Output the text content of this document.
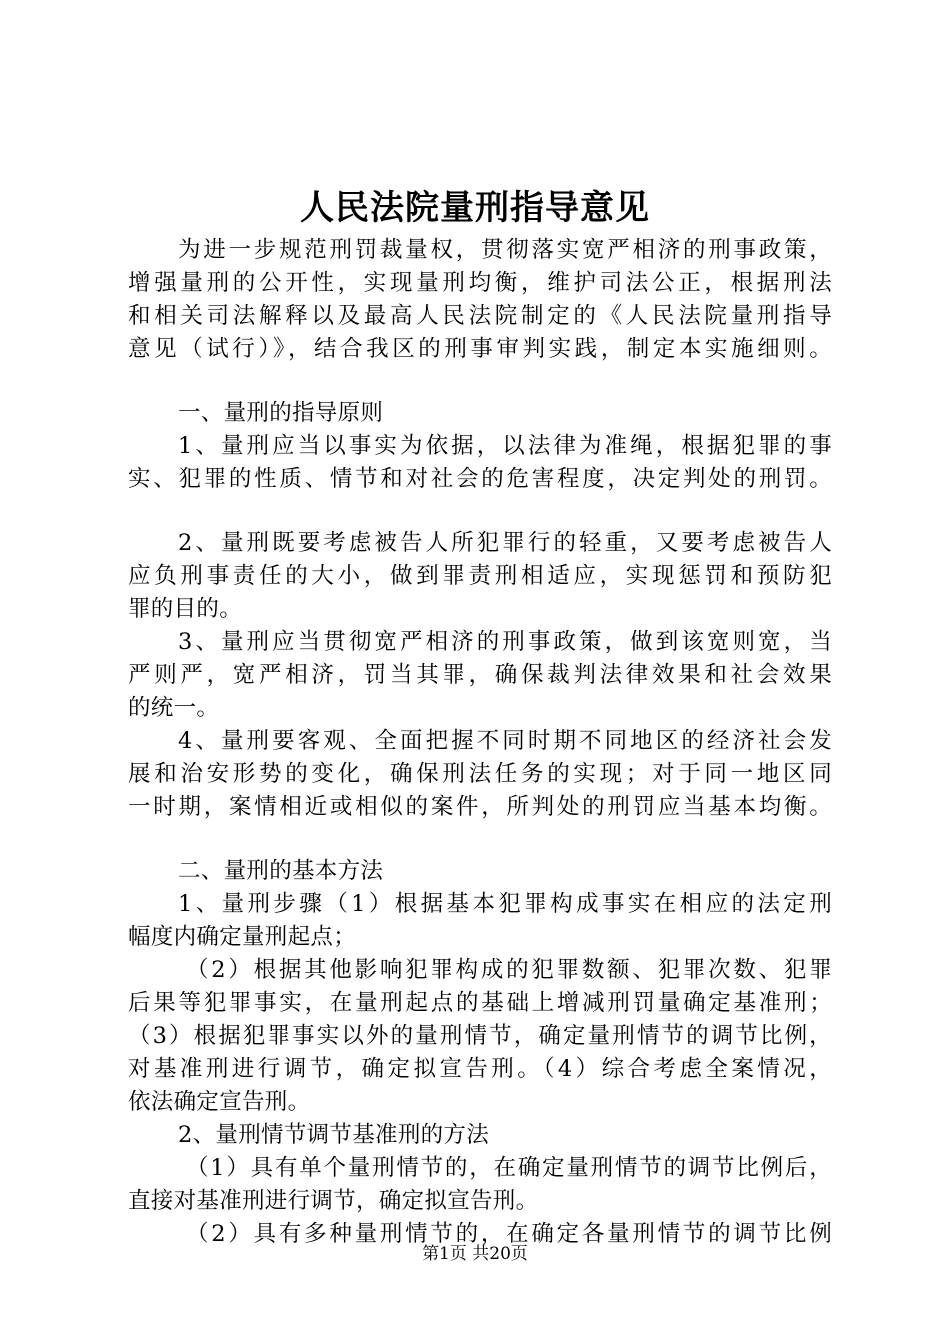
人民法院量刑指导意见
为进一步规范刑罚裁量权，贯彻落实宽严相济的刑事政策，
增强量刑的公开性，实现量刑均衡，维护司法公正，根据刑法
和相关司法解释以及最高人民法院制定的《人民法院量刑指导
意见（试行）》，结合我区的刑事审判实践，制定本实施细则。
一、量刑的指导原则
1、量刑应当以事实为依据，以法律为准绳，根据犯罪的事
实、犯罪的性质、情节和对社会的危害程度，决定判处的刑罚。
2、量刑既要考虑被告人所犯罪行的轻重，又要考虑被告人
应负刑事责任的大小，做到罪责刑相适应，实现惩罚和预防犯
罪的目的。
3、量刑应当贯彻宽严相济的刑事政策，做到该宽则宽，当
严则严，宽严相济，罚当其罪，确保裁判法律效果和社会效果
的统一。
4、量刑要客观、全面把握不同时期不同地区的经济社会发
展和治安形势的变化，确保刑法任务的实现；对于同一地区同
一时期，案情相近或相似的案件，所判处的刑罚应当基本均衡。
二、量刑的基本方法
1、量刑步骤（1）根据基本犯罪构成事实在相应的法定刑
幅度内确定量刑起点；
（2）根据其他影响犯罪构成的犯罪数额、犯罪次数、犯罪
后果等犯罪事实，在量刑起点的基础上增减刑罚量确定基准刑；
（3）根据犯罪事实以外的量刑情节，确定量刑情节的调节比例，
对基准刑进行调节，确定拟宣告刑。（4）综合考虑全案情况，
依法确定宣告刑。
2、量刑情节调节基准刑的方法
（1）具有单个量刑情节的，在确定量刑情节的调节比例后，
直接对基准刑进行调节，确定拟宣告刑。
（2）具有多种量刑情节的，在确定各量刑情节的调节比例
第1页 共20页
